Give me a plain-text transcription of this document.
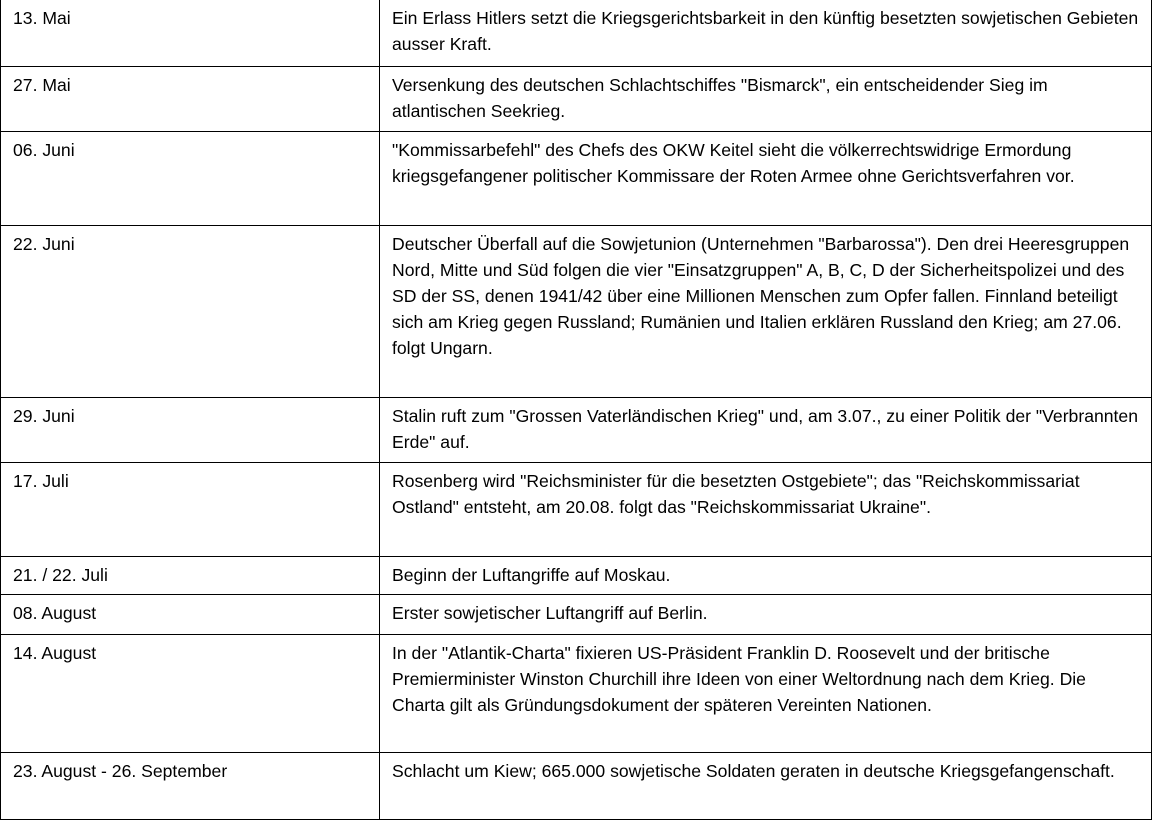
13. Mai	Ein Erlass Hitlers setzt die Kriegsgerichtsbarkeit in den künftig besetzten sowjetischen Gebieten ausser Kraft.
27. Mai	Versenkung des deutschen Schlachtschiffes "Bismarck", ein entscheidender Sieg im atlantischen Seekrieg.
06. Juni	"Kommissarbefehl" des Chefs des OKW Keitel sieht die völkerrechtswidrige Ermordung kriegsgefangener politischer Kommissare der Roten Armee ohne Gerichtsverfahren vor.
22. Juni	Deutscher Überfall auf die Sowjetunion (Unternehmen "Barbarossa"). Den drei Heeresgruppen Nord, Mitte und Süd folgen die vier "Einsatzgruppen" A, B, C, D der Sicherheitspolizei und des SD der SS, denen 1941/42 über eine Millionen Menschen zum Opfer fallen. Finnland beteiligt sich am Krieg gegen Russland; Rumänien und Italien erklären Russland den Krieg; am 27.06. folgt Ungarn.
29. Juni	Stalin ruft zum "Grossen Vaterländischen Krieg" und, am 3.07., zu einer Politik der "Verbrannten Erde" auf.
17. Juli	Rosenberg wird "Reichsminister für die besetzten Ostgebiete"; das "Reichskommissariat Ostland" entsteht, am 20.08. folgt das "Reichskommissariat Ukraine".
21. / 22. Juli	Beginn der Luftangriffe auf Moskau.
08. August	Erster sowjetischer Luftangriff auf Berlin.
14. August	In der "Atlantik-Charta" fixieren US-Präsident Franklin D. Roosevelt und der britische Premierminister Winston Churchill ihre Ideen von einer Weltordnung nach dem Krieg. Die Charta gilt als Gründungsdokument der späteren Vereinten Nationen.
23. August - 26. September	Schlacht um Kiew; 665.000 sowjetische Soldaten geraten in deutsche Kriegsgefangenschaft.
